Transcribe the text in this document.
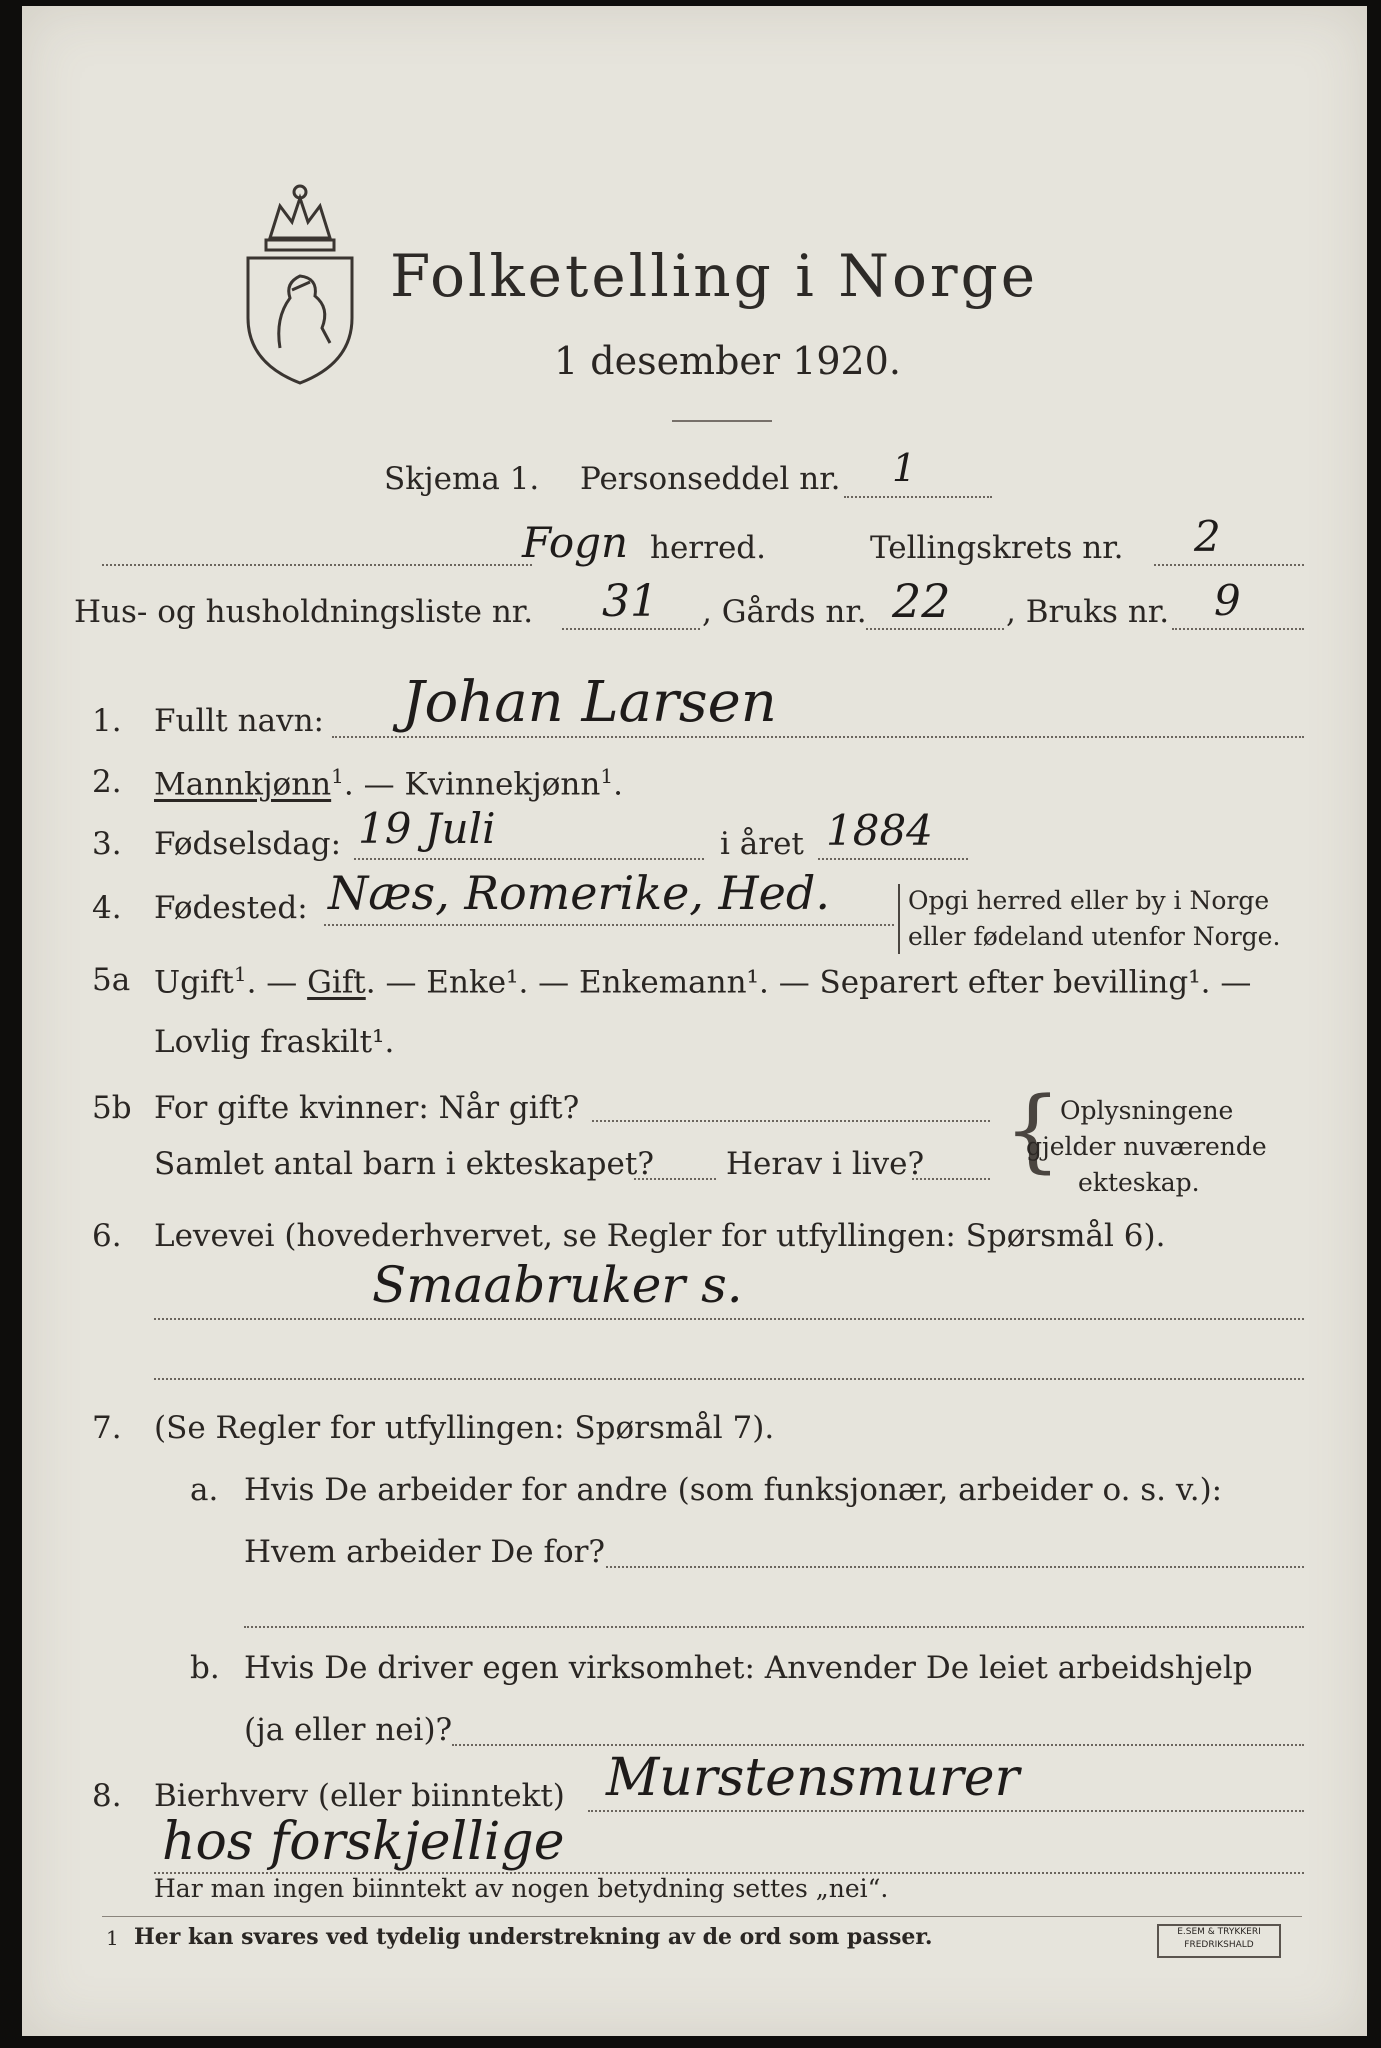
Folketelling i Norge
1 desember 1920.
Skjema 1. Personseddel nr. 1
Fogn herred.	Tellingskrets nr. 2
Hus- og husholdningsliste nr. 31 , Gårds nr. 22 , Bruks nr. 9
1. Fullt navn: Johan Larsen
2. Mannkjønn$^1$. — Kvinnekjønn$^1$.
3. Fødselsdag: 19 Juli	i året 1884
4. Fødested: Næs, Romerike, Hed.	Opgi herred eller by i Norge
eller fødeland utenfor Norge.
5a Ugift$^1$. — Gift. — Enke¹. — Enkemann¹. — Separert efter bevilling¹. —
Lovlig fraskilt¹.
5b For gifte kvinner: Når gift?
Samlet antal barn i ekteskapet? Herav i live? {
Oplysningene
gjelder nuværende
ekteskap.
6. Levevei (hovederhvervet, se Regler for utfyllingen: Spørsmål 6).
Smaabruker s.
7. (Se Regler for utfyllingen: Spørsmål 7).
a. Hvis De arbeider for andre (som funksjonær, arbeider o. s. v.):
Hvem arbeider De for?
b. Hvis De driver egen virksomhet: Anvender De leiet arbeidshjelp
(ja eller nei)?
8. Bierhverv (eller biinntekt) Murstensmurer
hos forskjellige
Har man ingen biinntekt av nogen betydning settes „nei“.
1 Her kan svares ved tydelig understrekning av de ord som passer.	E.SEM & TRYKKERI
FREDRIKSHALD
